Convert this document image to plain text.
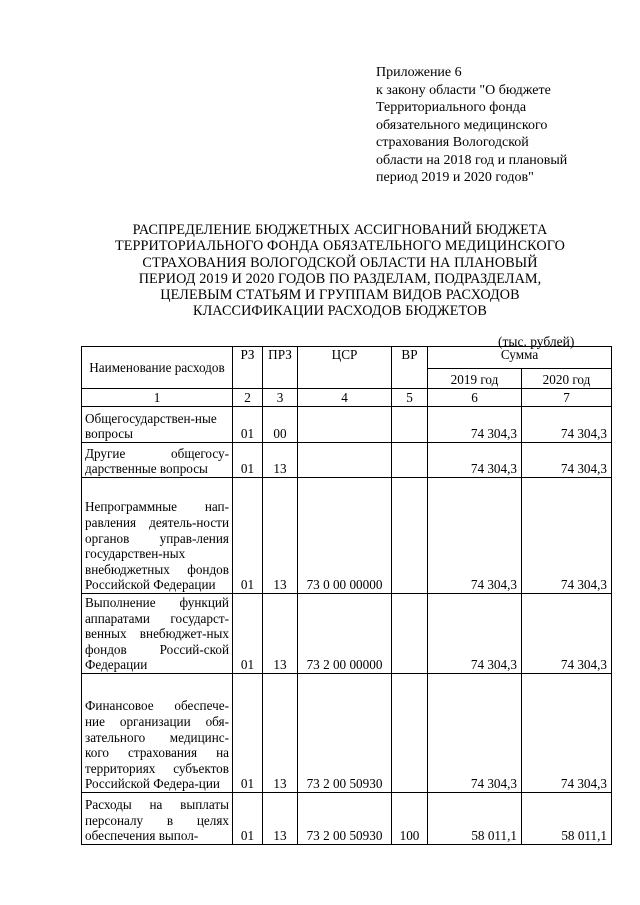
Приложение 6
к закону области "О бюджете
Территориального фонда
обязательного медицинского
страхования Вологодской
области на 2018 год и плановый
период 2019 и 2020 годов"
РАСПРЕДЕЛЕНИЕ БЮДЖЕТНЫХ АССИГНОВАНИЙ БЮДЖЕТА
ТЕРРИТОРИАЛЬНОГО ФОНДА ОБЯЗАТЕЛЬНОГО МЕДИЦИНСКОГО
СТРАХОВАНИЯ ВОЛОГОДСКОЙ ОБЛАСТИ НА ПЛАНОВЫЙ
ПЕРИОД 2019 И 2020 ГОДОВ ПО РАЗДЕЛАМ, ПОДРАЗДЕЛАМ,
ЦЕЛЕВЫМ СТАТЬЯМ И ГРУППАМ ВИДОВ РАСХОДОВ
КЛАССИФИКАЦИИ РАСХОДОВ БЮДЖЕТОВ
(тыс. рублей)
Наименование расходов	РЗ	ПРЗ	ЦСР	ВР	Сумма	
					2019 год	2020 год
1	2	3	4	5	6	7
Общегосударствен-ные вопросы	01	00			74 304,3	74 304,3
Другие общегосу-дарственные вопросы	01	13			74 304,3	74 304,3
Непрограммные нап-равления деятель-ности органов управ-ления государствен-ных внебюджетных фондов Российской Федерации	01	13	73 0 00 00000		74 304,3	74 304,3
Выполнение функций аппаратами государст-венных внебюджет-ных фондов Россий-ской Федерации	01	13	73 2 00 00000		74 304,3	74 304,3
Финансовое обеспече-ние организации обя-зательного медицинс-кого страхования на территориях субъектов Российской Федера-ции	01	13	73 2 00 50930		74 304,3	74 304,3
Расходы на выплаты персоналу в целях обеспечения выпол-	01	13	73 2 00 50930	100	58 011,1	58 011,1
